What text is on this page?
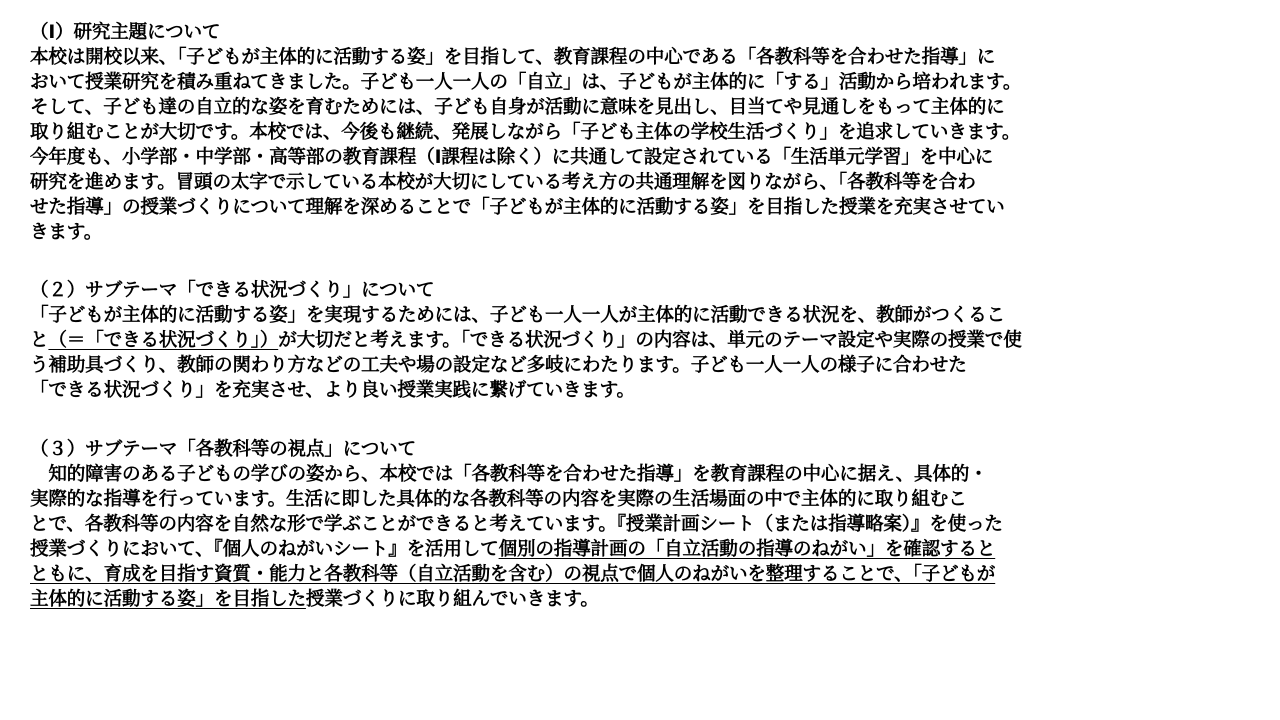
（Ⅰ）研究主題について
本校は開校以来、「子どもが主体的に活動する姿」を目指して、教育課程の中心である「各教科等を合わせた指導」に
おいて授業研究を積み重ねてきました。子ども一人一人の「自立」は、子どもが主体的に「する」活動から培われます。
そして、子ども達の自立的な姿を育むためには、子ども自身が活動に意味を見出し、目当てや見通しをもって主体的に
取り組むことが大切です。本校では、今後も継続、発展しながら「子ども主体の学校生活づくり」を追求していきます。
今年度も、小学部・中学部・高等部の教育課程（Ⅰ課程は除く）に共通して設定されている「生活単元学習」を中心に
研究を進めます。冒頭の太字で示している本校が大切にしている考え方の共通理解を図りながら、「各教科等を合わ
せた指導」の授業づくりについて理解を深めることで「子どもが主体的に活動する姿」を目指した授業を充実させてい
きます。
（２）サブテーマ「できる状況づくり」について
「子どもが主体的に活動する姿」を実現するためには、子ども一人一人が主体的に活動できる状況を、教師がつくるこ
と（＝「できる状況づくり」）が大切だと考えます。「できる状況づくり」の内容は、単元のテーマ設定や実際の授業で使
う補助具づくり、教師の関わり方などの工夫や場の設定など多岐にわたります。子ども一人一人の様子に合わせた
「できる状況づくり」を充実させ、より良い授業実践に繋げていきます。
（３）サブテーマ「各教科等の視点」について
　知的障害のある子どもの学びの姿から、本校では「各教科等を合わせた指導」を教育課程の中心に据え、具体的・
実際的な指導を行っています。生活に即した具体的な各教科等の内容を実際の生活場面の中で主体的に取り組むこ
とで、各教科等の内容を自然な形で学ぶことができると考えています。『授業計画シート（または指導略案）』を使った
授業づくりにおいて、『個人のねがいシート』を活用して個別の指導計画の「自立活動の指導のねがい」を確認すると
ともに、育成を目指す資質・能力と各教科等（自立活動を含む）の視点で個人のねがいを整理することで、「子どもが
主体的に活動する姿」を目指した授業づくりに取り組んでいきます。
